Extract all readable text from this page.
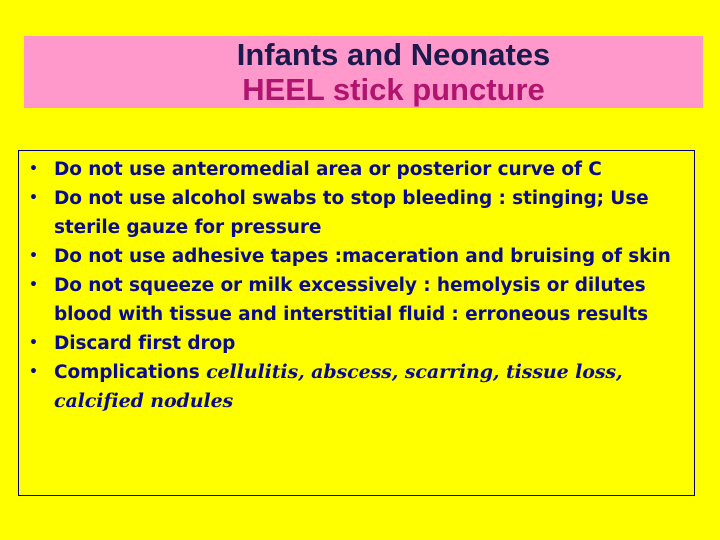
Infants and Neonates
HEEL stick puncture
• Do not use anteromedial area or posterior curve of C
• Do not use alcohol swabs to stop bleeding : stinging; Use sterile gauze for pressure
• Do not use adhesive tapes :maceration and bruising of skin
• Do not squeeze or milk excessively : hemolysis or dilutes blood with tissue and interstitial fluid : erroneous results
• Discard first drop
• Complications cellulitis, abscess, scarring, tissue loss, calcified nodules
